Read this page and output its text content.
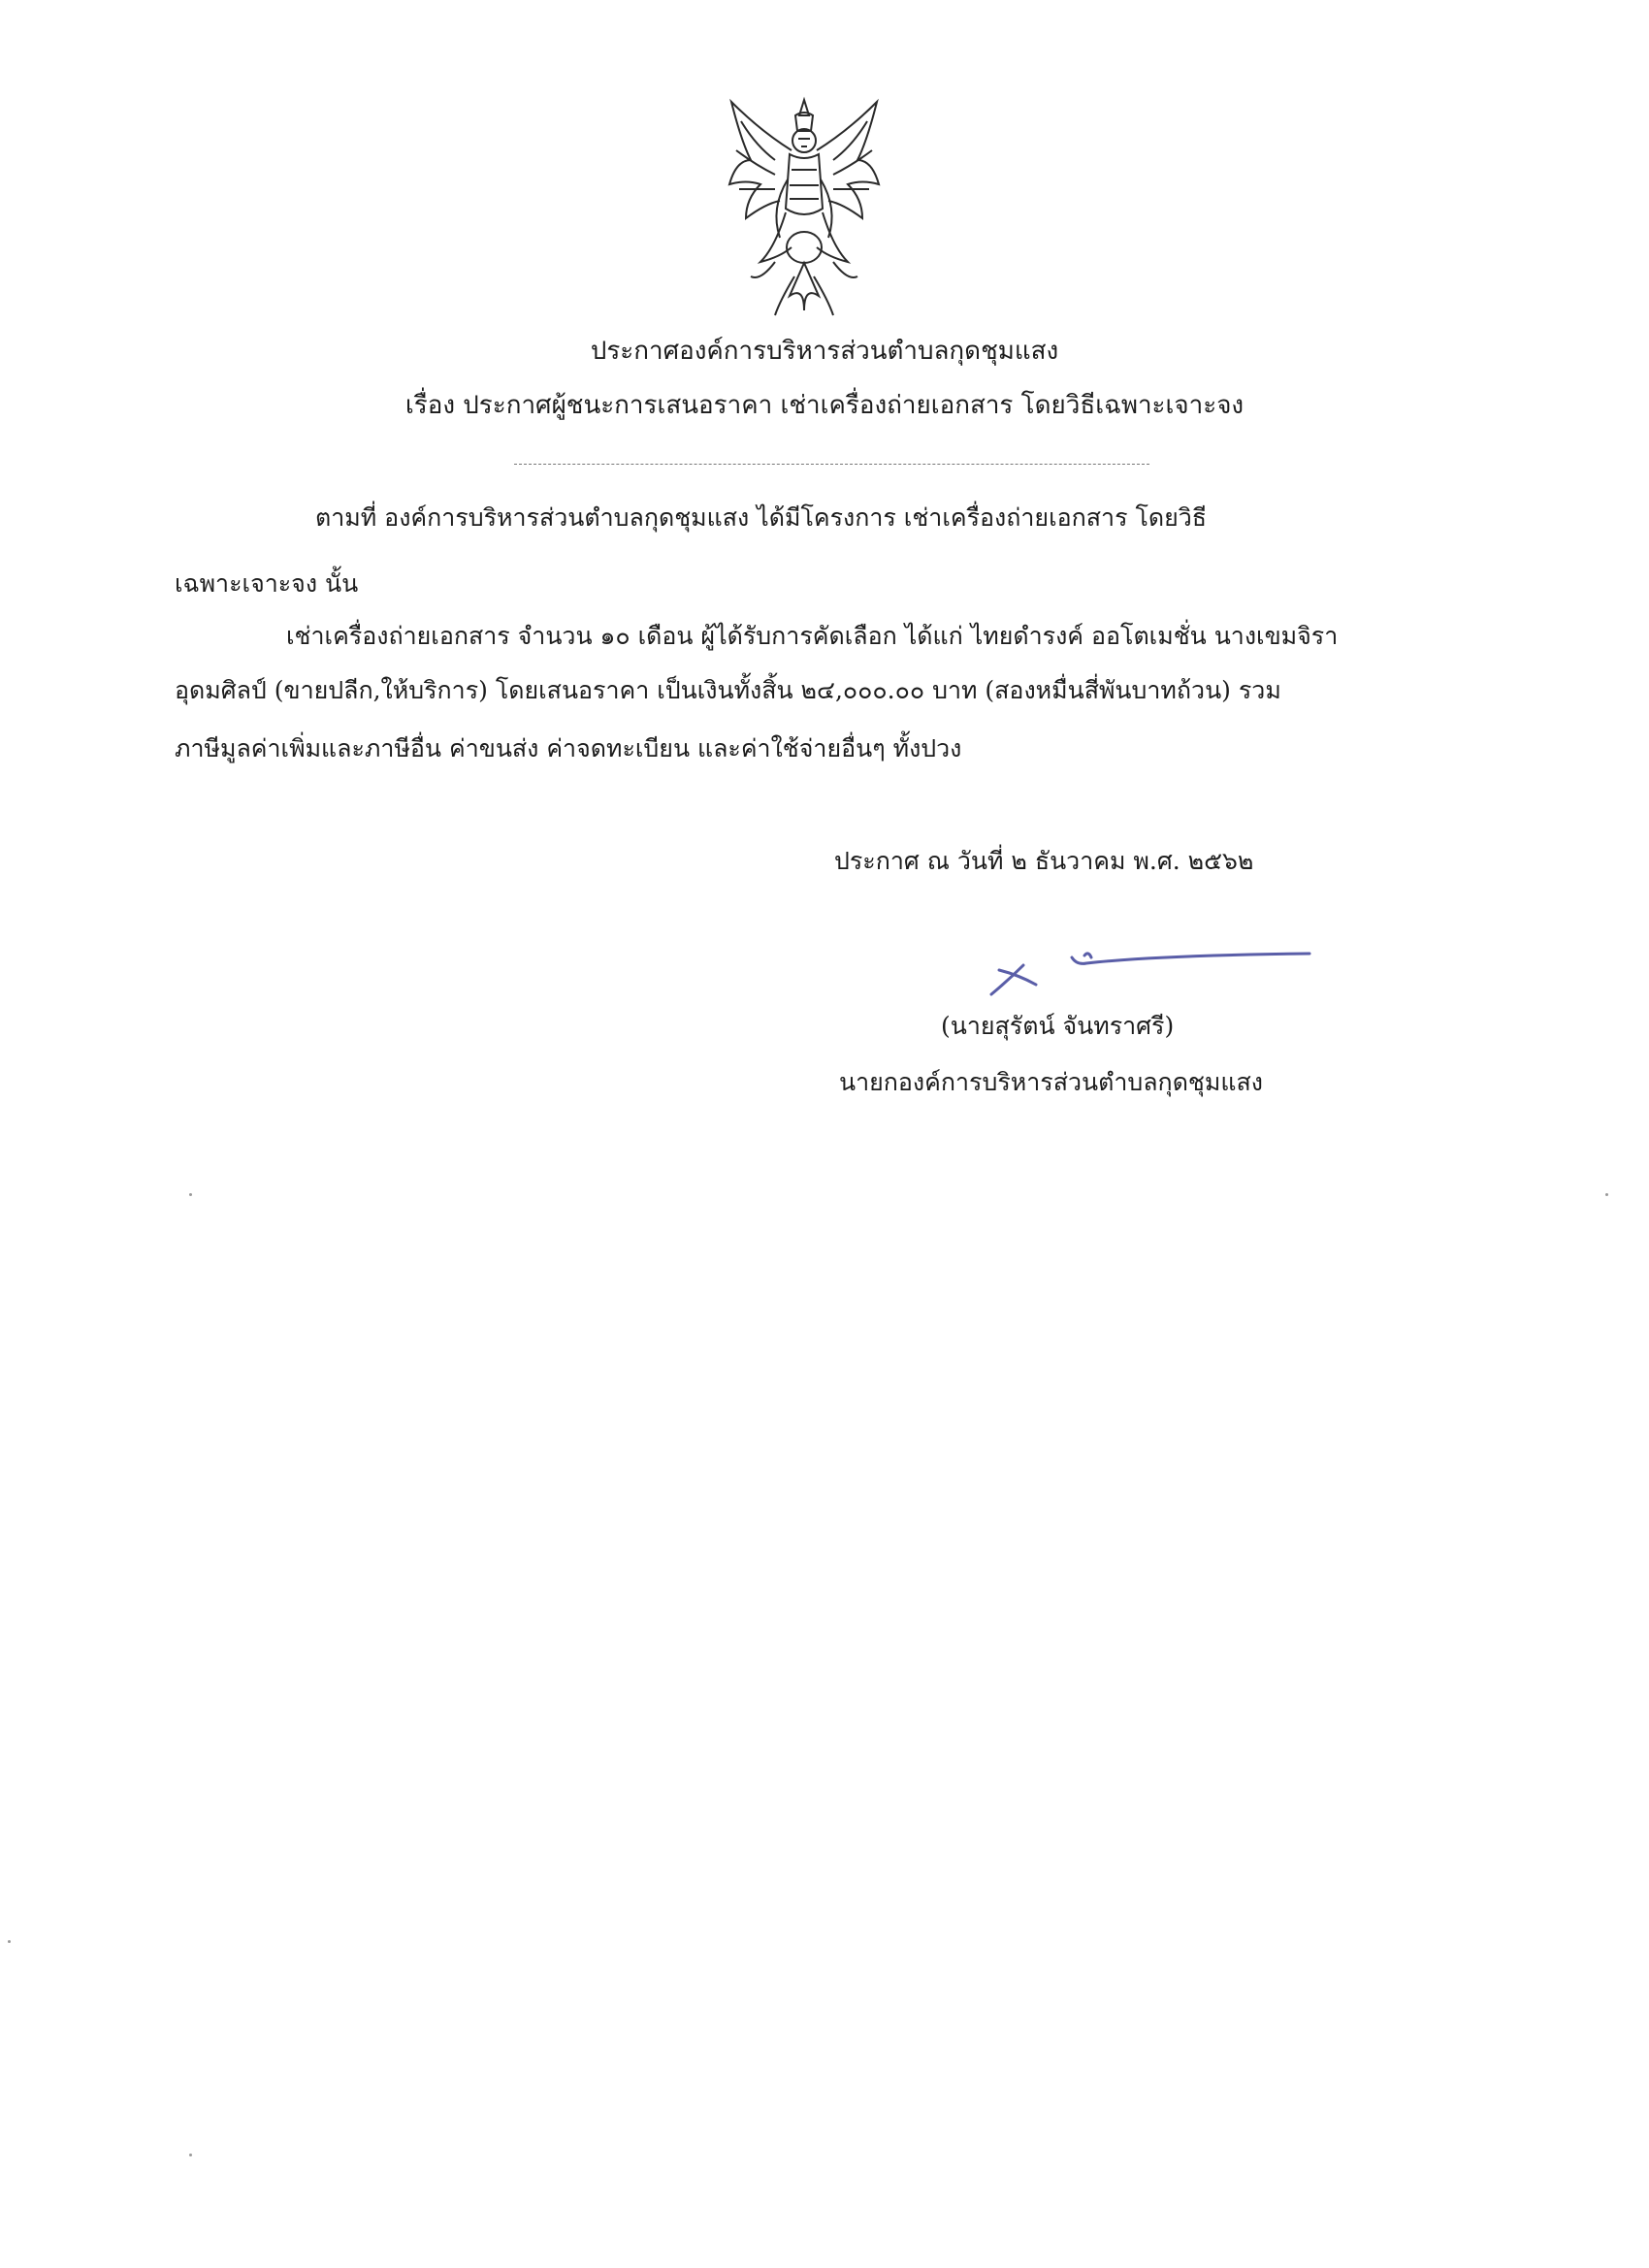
ประกาศองค์การบริหารส่วนตำบลกุดชุมแสง
เรื่อง ประกาศผู้ชนะการเสนอราคา เช่าเครื่องถ่ายเอกสาร โดยวิธีเฉพาะเจาะจง
ตามที่ องค์การบริหารส่วนตำบลกุดชุมแสง ได้มีโครงการ เช่าเครื่องถ่ายเอกสาร โดยวิธี
เฉพาะเจาะจง นั้น
เช่าเครื่องถ่ายเอกสาร จำนวน ๑๐ เดือน ผู้ได้รับการคัดเลือก ได้แก่ ไทยดำรงค์ ออโตเมชั่น นางเขมจิรา
อุดมศิลป์ (ขายปลีก,ให้บริการ) โดยเสนอราคา เป็นเงินทั้งสิ้น ๒๔,๐๐๐.๐๐ บาท (สองหมื่นสี่พันบาทถ้วน) รวม
ภาษีมูลค่าเพิ่มและภาษีอื่น ค่าขนส่ง ค่าจดทะเบียน และค่าใช้จ่ายอื่นๆ ทั้งปวง
ประกาศ ณ วันที่ ๒ ธันวาคม พ.ศ. ๒๕๖๒
(นายสุรัตน์ จันทราศรี)
นายกองค์การบริหารส่วนตำบลกุดชุมแสง
